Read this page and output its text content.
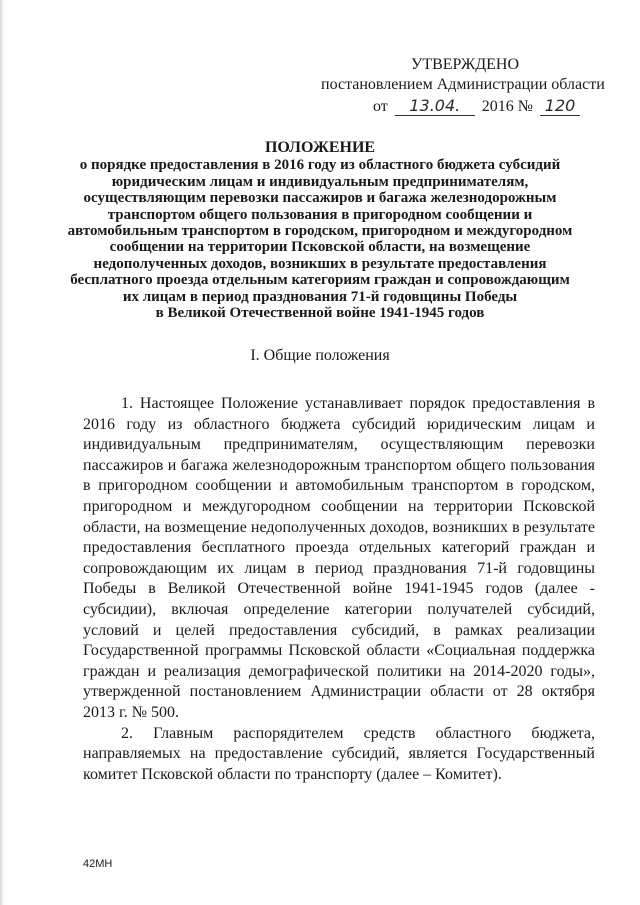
УТВЕРЖДЕНО
постановлением Администрации области
от 13.04. 2016 № 120
ПОЛОЖЕНИЕ
о порядке предоставления в 2016 году из областного бюджета субсидий
юридическим лицам и индивидуальным предпринимателям,
осуществляющим перевозки пассажиров и багажа железнодорожным
транспортом общего пользования в пригородном сообщении и
автомобильным транспортом в городском, пригородном и междугородном
сообщении на территории Псковской области, на возмещение
недополученных доходов, возникших в результате предоставления
бесплатного проезда отдельным категориям граждан и сопровождающим
их лицам в период празднования 71-й годовщины Победы
в Великой Отечественной войне 1941-1945 годов
I. Общие положения

1. Настоящее Положение устанавливает порядок предоставления в 2016 году из областного бюджета субсидий юридическим лицам и индивидуальным предпринимателям, осуществляющим перевозки пассажиров и багажа железнодорожным транспортом общего пользования в пригородном сообщении и автомобильным транспортом в городском, пригородном и междугородном сообщении на территории Псковской области, на возмещение недополученных доходов, возникших в результате предоставления бесплатного проезда отдельных категорий граждан и сопровождающим их лицам в период празднования 71-й годовщины Победы в Великой Отечественной войне 1941-1945 годов (далее - субсидии), включая определение категории получателей субсидий, условий и целей предоставления субсидий, в рамках реализации Государственной программы Псковской области «Социальная поддержка граждан и реализация демографической политики на 2014-2020 годы», утвержденной постановлением Администрации области от 28 октября 2013 г. № 500.

2. Главным распорядителем средств областного бюджета, направляемых на предоставление субсидий, является Государственный комитет Псковской области по транспорту (далее – Комитет).

42МН
